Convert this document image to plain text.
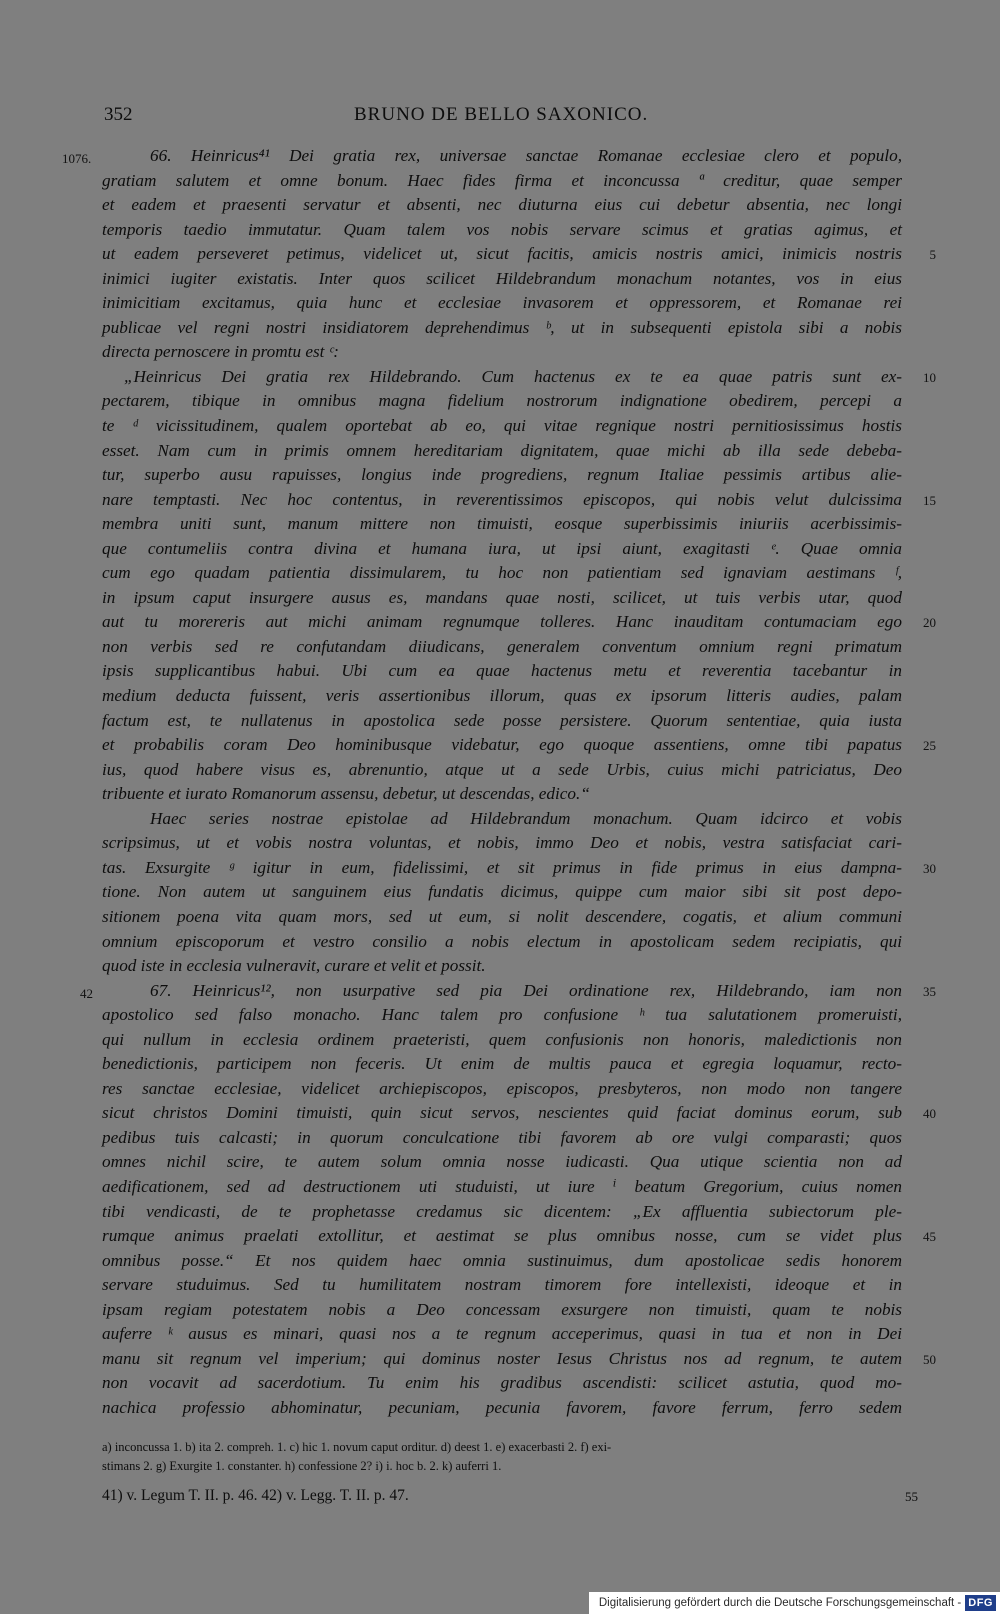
352	BRUNO DE BELLO SAXONICO.
66. Heinricus⁴¹ Dei gratia rex, universae sanctae Romanae ecclesiae clero et populo,
1076.
gratiam salutem et omne bonum. Haec fides firma et inconcussa ª creditur, quae semper
et eadem et praesenti servatur et absenti, nec diuturna eius cui debetur absentia, nec longi
temporis taedio immutatur. Quam talem vos nobis servare scimus et gratias agimus, et
ut eadem perseveret petimus, videlicet ut, sicut facitis, amicis nostris amici, inimicis nostris 5
inimici iugiter existatis. Inter quos scilicet Hildebrandum monachum notantes, vos in eius
inimicitiam excitamus, quia hunc et ecclesiae invasorem et oppressorem, et Romanae rei
publicae vel regni nostri insidiatorem deprehendimus ᵇ, ut in subsequenti epistola sibi a nobis
directa pernoscere in promtu est ᶜ:
„Heinricus Dei gratia rex Hildebrando. Cum hactenus ex te ea quae patris sunt ex- 10
pectarem, tibique in omnibus magna fidelium nostrorum indignatione obedirem, percepi a
te ᵈ vicissitudinem, qualem oportebat ab eo, qui vitae regnique nostri pernitiosissimus hostis
esset. Nam cum in primis omnem hereditariam dignitatem, quae michi ab illa sede debeba-
tur, superbo ausu rapuisses, longius inde progrediens, regnum Italiae pessimis artibus alie-
nare temptasti. Nec hoc contentus, in reverentissimos episcopos, qui nobis velut dulcissima 15
membra uniti sunt, manum mittere non timuisti, eosque superbissimis iniuriis acerbissimis-
que contumeliis contra divina et humana iura, ut ipsi aiunt, exagitasti ᵉ. Quae omnia
cum ego quadam patientia dissimularem, tu hoc non patientiam sed ignaviam aestimans ᶠ,
in ipsum caput insurgere ausus es, mandans quae nosti, scilicet, ut tuis verbis utar, quod
aut tu morereris aut michi animam regnumque tolleres. Hanc inauditam contumaciam ego 20
non verbis sed re confutandam diiudicans, generalem conventum omnium regni primatum
ipsis supplicantibus habui. Ubi cum ea quae hactenus metu et reverentia tacebantur in
medium deducta fuissent, veris assertionibus illorum, quas ex ipsorum litteris audies, palam
factum est, te nullatenus in apostolica sede posse persistere. Quorum sententiae, quia iusta
et probabilis coram Deo hominibusque videbatur, ego quoque assentiens, omne tibi papatus 25
ius, quod habere visus es, abrenuntio, atque ut a sede Urbis, cuius michi patriciatus, Deo
tribuente et iurato Romanorum assensu, debetur, ut descendas, edico.“
Haec series nostrae epistolae ad Hildebrandum monachum. Quam idcirco et vobis
scripsimus, ut et vobis nostra voluntas, et nobis, immo Deo et nobis, vestra satisfaciat cari-
tas. Exsurgite ᵍ igitur in eum, fidelissimi, et sit primus in fide primus in eius dampna- 30
tione. Non autem ut sanguinem eius fundatis dicimus, quippe cum maior sibi sit post depo-
sitionem poena vita quam mors, sed ut eum, si nolit descendere, cogatis, et alium communi
omnium episcoporum et vestro consilio a nobis electum in apostolicam sedem recipiatis, qui
quod iste in ecclesia vulneravit, curare et velit et possit.
67. Heinricus¹², non usurpative sed pia Dei ordinatione rex, Hildebrando, iam non 35
42
apostolico sed falso monacho. Hanc talem pro confusione ʰ tua salutationem promeruisti,
qui nullum in ecclesia ordinem praeteristi, quem confusionis non honoris, maledictionis non
benedictionis, participem non feceris. Ut enim de multis pauca et egregia loquamur, recto-
res sanctae ecclesiae, videlicet archiepiscopos, episcopos, presbyteros, non modo non tangere
sicut christos Domini timuisti, quin sicut servos, nescientes quid faciat dominus eorum, sub 40
pedibus tuis calcasti; in quorum conculcatione tibi favorem ab ore vulgi comparasti; quos
omnes nichil scire, te autem solum omnia nosse iudicasti. Qua utique scientia non ad
aedificationem, sed ad destructionem uti studuisti, ut iure ⁱ beatum Gregorium, cuius nomen
tibi vendicasti, de te prophetasse credamus sic dicentem: „Ex affluentia subiectorum ple-
rumque animus praelati extollitur, et aestimat se plus omnibus nosse, cum se videt plus 45
omnibus posse.“ Et nos quidem haec omnia sustinuimus, dum apostolicae sedis honorem
servare studuimus. Sed tu humilitatem nostram timorem fore intellexisti, ideoque et in
ipsam regiam potestatem nobis a Deo concessam exsurgere non timuisti, quam te nobis
auferre ᵏ ausus es minari, quasi nos a te regnum acceperimus, quasi in tua et non in Dei
manu sit regnum vel imperium; qui dominus noster Iesus Christus nos ad regnum, te autem 50
non vocavit ad sacerdotium. Tu enim his gradibus ascendisti: scilicet astutia, quod mo-
nachica professio abhominatur, pecuniam, pecunia favorem, favore ferrum, ferro sedem
a) inconcussa 1. b) ita 2. compreh. 1. c) hic 1. novum caput orditur. d) deest 1. e) exacerbasti 2. f) exi-
stimans 2. g) Exurgite 1. constanter. h) confessione 2? i) i. hoc b. 2. k) auferri 1.
41) v. Legum T. II. p. 46. 42) v. Legg. T. II. p. 47.	55
Digitalisierung gefördert durch die Deutsche Forschungsgemeinschaft - DFG
